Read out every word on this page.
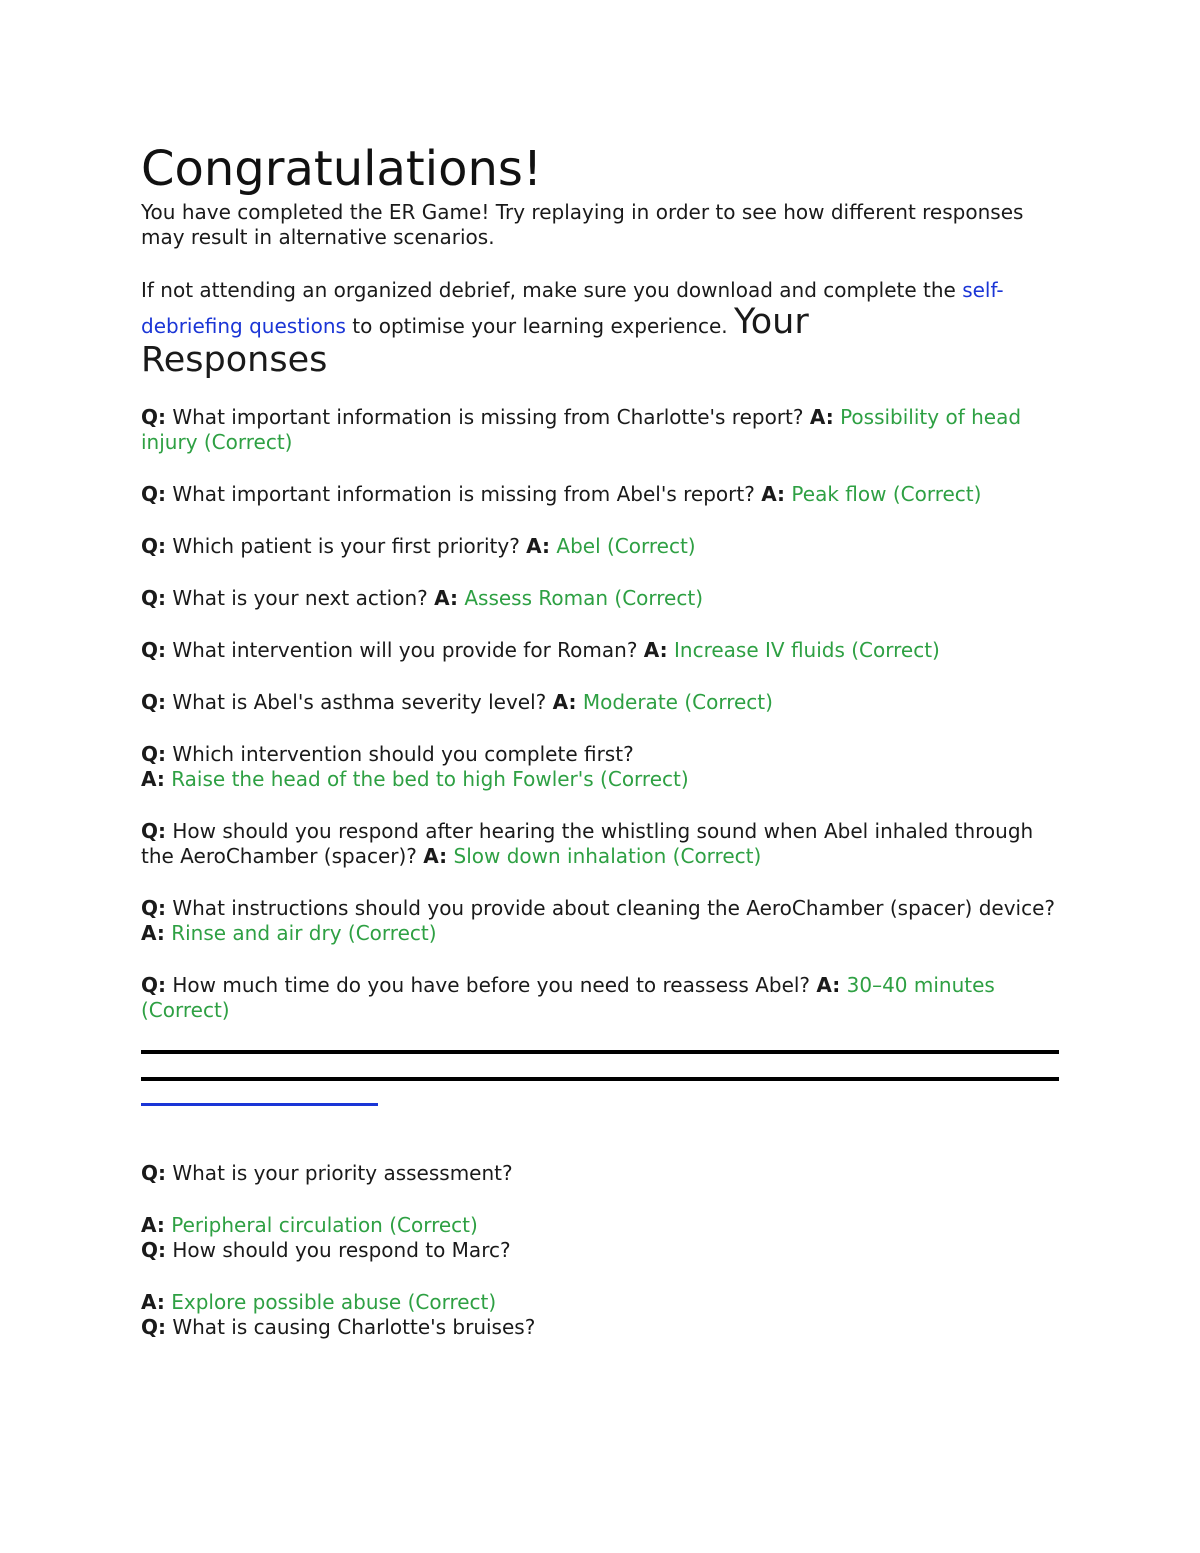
Congratulations!

You have completed the ER Game! Try replaying in order to see how different responses may result in alternative scenarios.

If not attending an organized debrief, make sure you download and complete the self-debriefing questions to optimise your learning experience. Your

Responses

Q: What important information is missing from Charlotte's report? A: Possibility of head injury (Correct)

Q: What important information is missing from Abel's report? A: Peak flow (Correct)

Q: Which patient is your first priority? A: Abel (Correct)

Q: What is your next action? A: Assess Roman (Correct)

Q: What intervention will you provide for Roman? A: Increase IV fluids (Correct)

Q: What is Abel's asthma severity level? A: Moderate (Correct)

Q: Which intervention should you complete first?

A: Raise the head of the bed to high Fowler's (Correct)

Q: How should you respond after hearing the whistling sound when Abel inhaled through the AeroChamber (spacer)? A: Slow down inhalation (Correct)

Q: What instructions should you provide about cleaning the AeroChamber (spacer) device? A: Rinse and air dry (Correct)

Q: How much time do you have before you need to reassess Abel? A: 30–40 minutes (Correct)

Q: What is your priority assessment?

A: Peripheral circulation (Correct)

Q: How should you respond to Marc?

A: Explore possible abuse (Correct)

Q: What is causing Charlotte's bruises?
